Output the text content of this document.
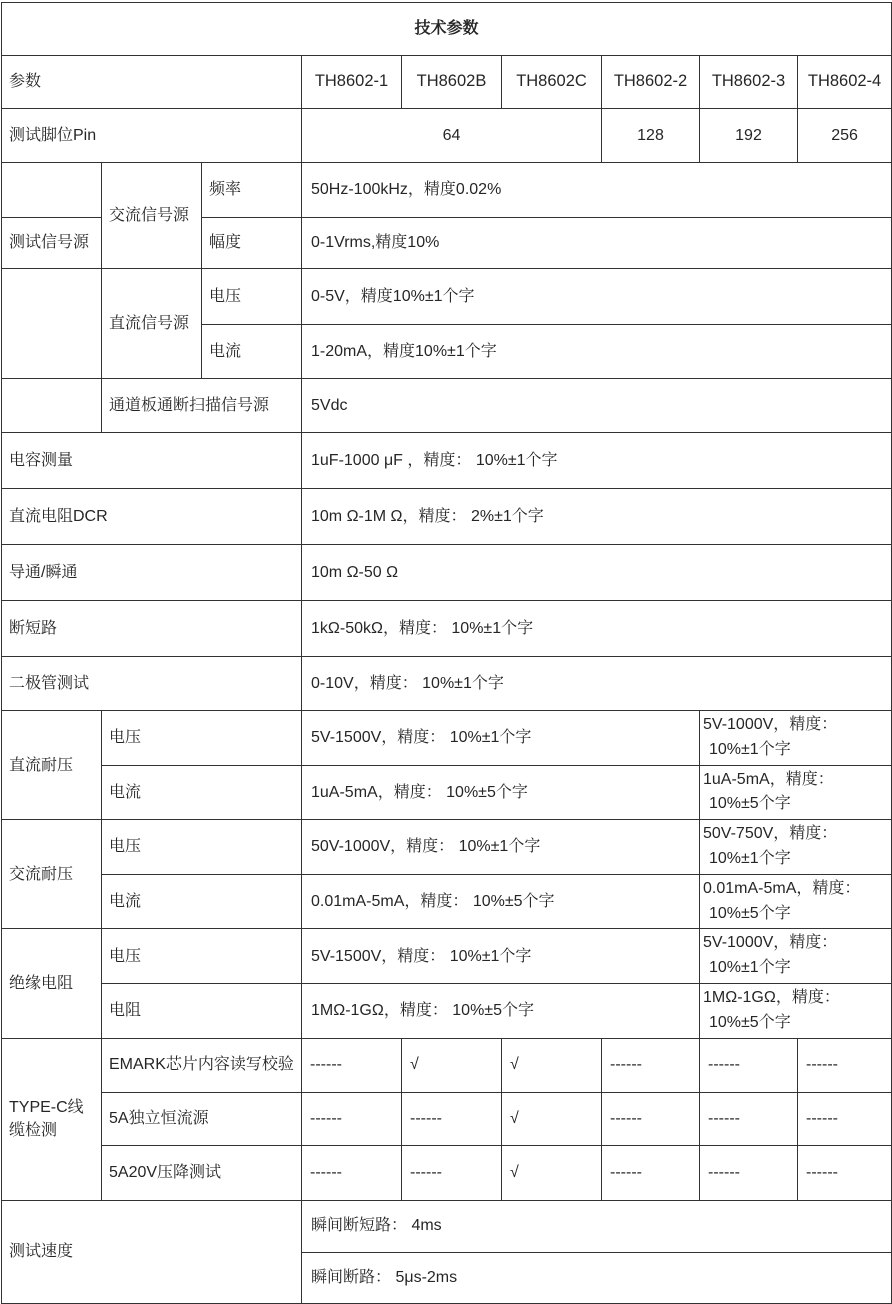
技术参数								
参数			TH8602-1	TH8602B	TH8602C	TH8602-2	TH8602-3	TH8602-4
测试脚位Pin			64			128	192	256
	交流信号源	频率	50Hz-100kHz，精度0.02%					
测试信号源		幅度	0-1Vrms,精度10%					
	直流信号源	电压	0-5V，精度10%±1个字					
		电流	1-20mA，精度10%±1个字					
	通道板通断扫描信号源		5Vdc					
电容测量			1uF-1000 μF ，精度： 10%±1个字					
直流电阻DCR			10m Ω-1M Ω，精度： 2%±1个字					
导通/瞬通			10m Ω-50 Ω					
断短路			1kΩ-50kΩ，精度： 10%±1个字					
二极管测试			0-10V，精度： 10%±1个字					
直流耐压	电压		5V-1500V，精度： 10%±1个字				5V-1000V，精度：
10%±1个字	

	电流		1uA-5mA，精度： 10%±5个字				1uA-5mA，精度：
10%±5个字	

交流耐压	电压		50V-1000V，精度： 10%±1个字				50V-750V，精度：
10%±1个字	

	电流		0.01mA-5mA，精度： 10%±5个字				0.01mA-5mA，精度：
10%±5个字	

绝缘电阻	电压		5V-1500V，精度： 10%±1个字				5V-1000V，精度：
10%±1个字	

	电阻		1MΩ-1GΩ，精度： 10%±5个字				1MΩ-1GΩ，精度：
10%±5个字	

TYPE-C线缆检测	EMARK芯片内容读写校验		------	√	√	------	------	------
	5A独立恒流源		------	------	√	------	------	------
	5A20V压降测试		------	------	√	------	------	------
测试速度			瞬间断短路： 4ms					
			瞬间断路： 5μs-2ms					
